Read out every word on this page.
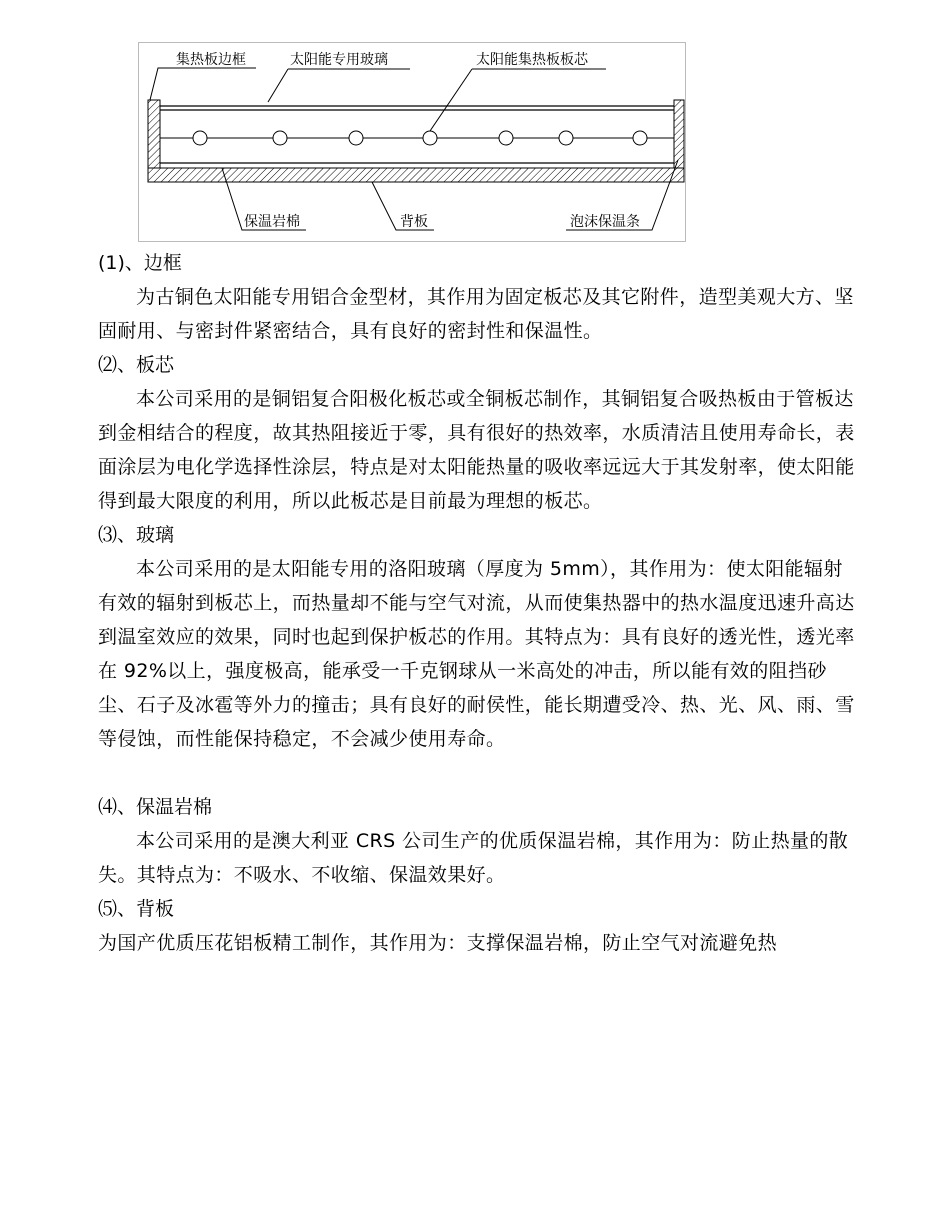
集热板边框	太阳能专用玻璃	太阳能集热板板芯
保温岩棉	背板	泡沫保温条

(1)、边框

为古铜色太阳能专用铝合金型材，其作用为固定板芯及其它附件，造型美观大方、坚固耐用、与密封件紧密结合，具有良好的密封性和保温性。

⑵、板芯

本公司采用的是铜铝复合阳极化板芯或全铜板芯制作，其铜铝复合吸热板由于管板达到金相结合的程度，故其热阻接近于零，具有很好的热效率，水质清洁且使用寿命长，表面涂层为电化学选择性涂层，特点是对太阳能热量的吸收率远远大于其发射率，使太阳能得到最大限度的利用，所以此板芯是目前最为理想的板芯。

⑶、玻璃

本公司采用的是太阳能专用的洛阳玻璃（厚度为 5mm），其作用为：使太阳能辐射有效的辐射到板芯上，而热量却不能与空气对流，从而使集热器中的热水温度迅速升高达到温室效应的效果，同时也起到保护板芯的作用。其特点为：具有良好的透光性，透光率在 92%以上，强度极高，能承受一千克钢球从一米高处的冲击，所以能有效的阻挡砂尘、石子及冰雹等外力的撞击；具有良好的耐侯性，能长期遭受冷、热、光、风、雨、雪等侵蚀，而性能保持稳定，不会减少使用寿命。

⑷、保温岩棉

本公司采用的是澳大利亚 CRS 公司生产的优质保温岩棉，其作用为：防止热量的散失。其特点为：不吸水、不收缩、保温效果好。

⑸、背板

为国产优质压花铝板精工制作，其作用为：支撑保温岩棉，防止空气对流避免热
